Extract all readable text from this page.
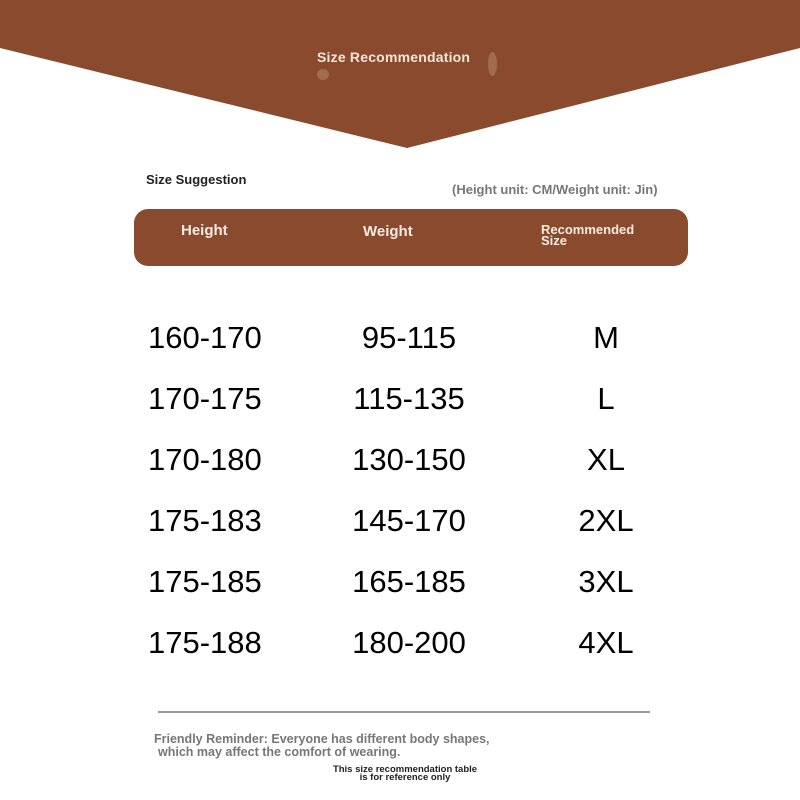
Size Recommendation
Size Suggestion
(Height unit: CM/Weight unit: Jin)
Height	Weight	Recommended Size
160-170	95-115	M
170-175	115-135	L
170-180	130-150	XL
175-183	145-170	2XL
175-185	165-185	3XL
175-188	180-200	4XL
Friendly Reminder: Everyone has different body shapes,
which may affect the comfort of wearing.
This size recommendation table
is for reference only
